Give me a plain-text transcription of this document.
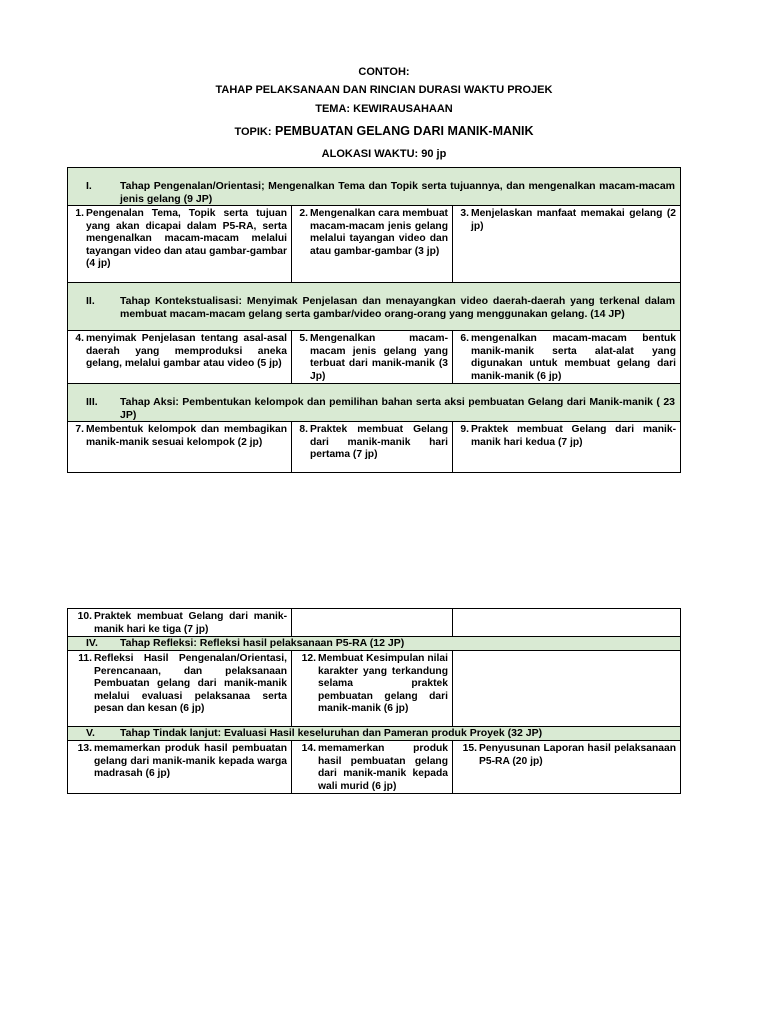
CONTOH:
TAHAP PELAKSANAAN DAN RINCIAN DURASI WAKTU PROJEK
TEMA: KEWIRAUSAHAAN
TOPIK: PEMBUATAN GELANG DARI MANIK-MANIK
ALOKASI WAKTU: 90 jp
I. Tahap Pengenalan/Orientasi; Mengenalkan Tema dan Topik serta tujuannya, dan mengenalkan macam-macam jenis gelang (9 JP)		

1. Pengenalan Tema, Topik serta tujuan yang akan dicapai dalam P5-RA, serta mengenalkan macam-macam melalui tayangan video dan atau gambar-gambar (4 jp)	2. Mengenalkan cara membuat macam-macam jenis gelang melalui tayangan video dan atau gambar-gambar (3 jp)	3. Menjelaskan manfaat memakai gelang (2 jp)

II. Tahap Kontekstualisasi: Menyimak Penjelasan dan menayangkan video daerah-daerah yang terkenal dalam membuat macam-macam gelang serta gambar/video orang-orang yang menggunakan gelang. (14 JP)		

4. menyimak Penjelasan tentang asal-asal daerah yang memproduksi aneka gelang, melalui gambar atau video (5 jp)	5. Mengenalkan macam-macam jenis gelang yang terbuat dari manik-manik (3 Jp)	6. mengenalkan macam-macam bentuk manik-manik serta alat-alat yang digunakan untuk membuat gelang dari manik-manik (6 jp)

III. Tahap Aksi: Pembentukan kelompok dan pemilihan bahan serta aksi pembuatan Gelang dari Manik-manik ( 23 JP)		

7. Membentuk kelompok dan membagikan manik-manik sesuai kelompok (2 jp)	8. Praktek membuat Gelang dari manik-manik hari pertama (7 jp)	9. Praktek membuat Gelang dari manik-manik hari kedua (7 jp)
10. Praktek membuat Gelang dari manik-manik hari ke tiga (7 jp)		

IV. Tahap Refleksi: Refleksi hasil pelaksanaan P5-RA (12 JP)		

11. Refleksi Hasil Pengenalan/Orientasi, Perencanaan, dan pelaksanaan Pembuatan gelang dari manik-manik melalui evaluasi pelaksanaa serta pesan dan kesan (6 jp)	12. Membuat Kesimpulan nilai karakter yang terkandung selama praktek pembuatan gelang dari manik-manik (6 jp)	

V. Tahap Tindak lanjut: Evaluasi Hasil keseluruhan dan Pameran produk Proyek (32 JP)		

13. memamerkan produk hasil pembuatan gelang dari manik-manik kepada warga madrasah (6 jp)	14. memamerkan produk hasil pembuatan gelang dari manik-manik kepada wali murid (6 jp)	15. Penyusunan Laporan hasil pelaksanaan P5-RA (20 jp)
